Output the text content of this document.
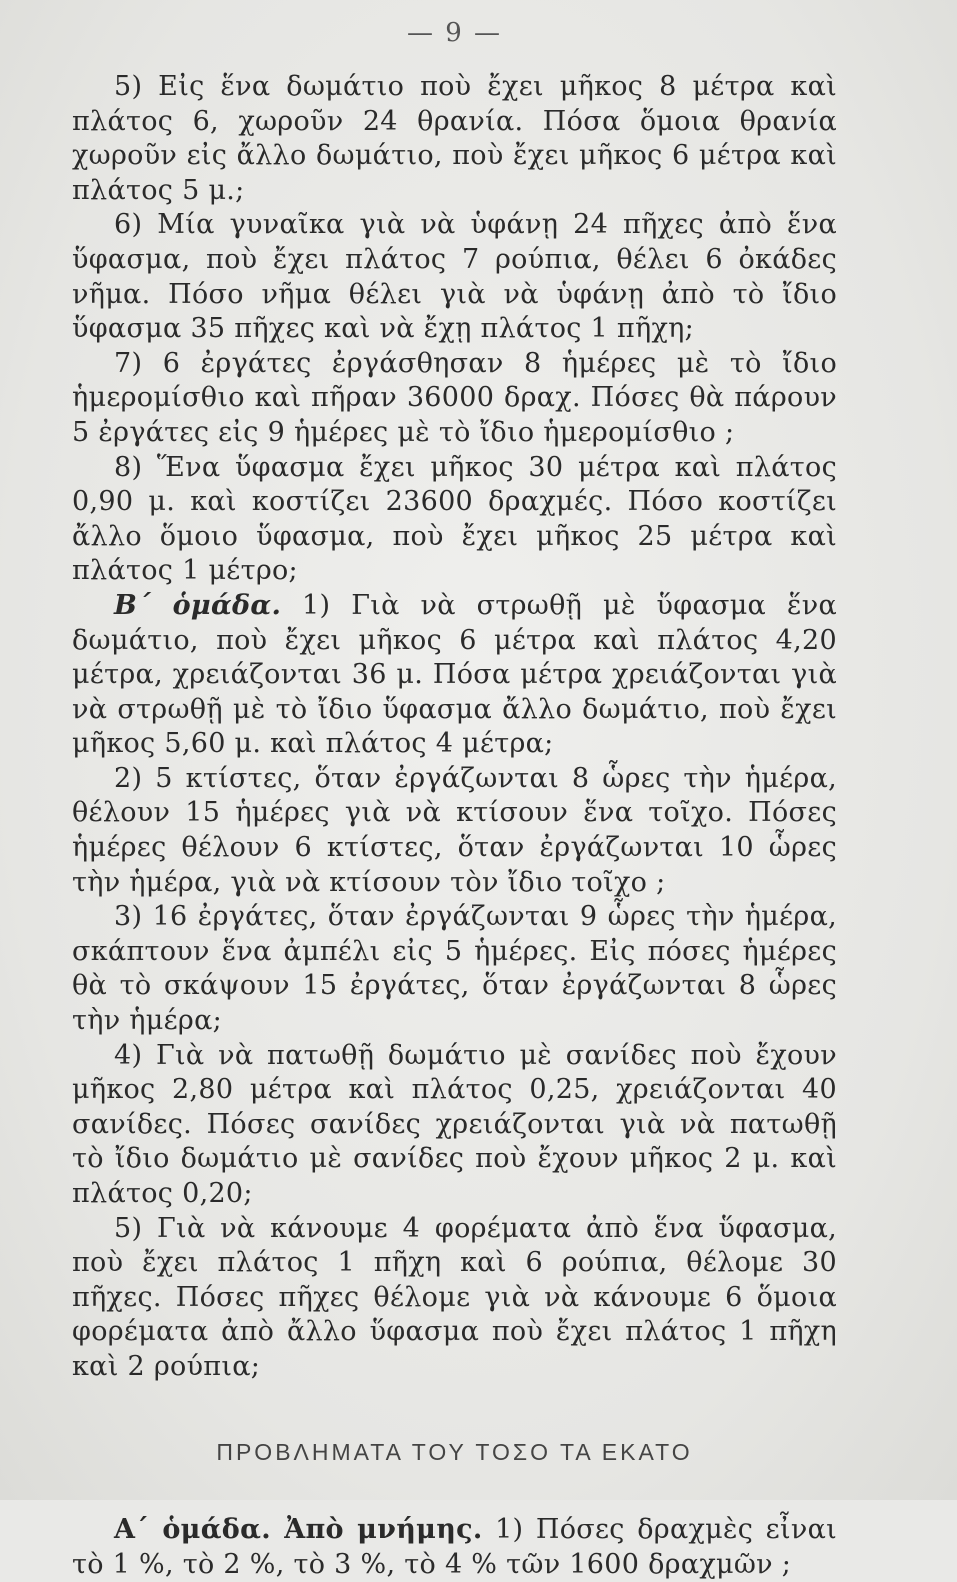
— 9 —

5) Εἰς ἕνα δωμάτιο ποὺ ἔχει μῆκος 8 μέτρα καὶ πλάτος 6, χωροῦν 24 θρανία. Πόσα ὅμοια θρανία χωροῦν εἰς ἄλλο δωμάτιο, ποὺ ἔχει μῆκος 6 μέτρα καὶ πλάτος 5 μ.;

6) Μία γυναῖκα γιὰ νὰ ὑφάνῃ 24 πῆχες ἀπὸ ἕνα ὕφασμα, ποὺ ἔχει πλάτος 7 ρούπια, θέλει 6 ὀκάδες νῆμα. Πόσο νῆμα θέλει γιὰ νὰ ὑφάνῃ ἀπὸ τὸ ἴδιο ὕφασμα 35 πῆχες καὶ νὰ ἔχῃ πλάτος 1 πῆχη;

7) 6 ἐργάτες ἐργάσθησαν 8 ἡμέρες μὲ τὸ ἴδιο ἡμερομίσθιο καὶ πῆραν 36000 δραχ. Πόσες θὰ πάρουν 5 ἐργάτες εἰς 9 ἡμέρες μὲ τὸ ἴδιο ἡμερομίσθιο ;

8) Ἕνα ὕφασμα ἔχει μῆκος 30 μέτρα καὶ πλάτος 0,90 μ. καὶ κοστίζει 23600 δραχμές. Πόσο κοστίζει ἄλλο ὅμοιο ὕφασμα, ποὺ ἔχει μῆκος 25 μέτρα καὶ πλάτος 1 μέτρο;

Β΄ ὁμάδα. 1) Γιὰ νὰ στρωθῇ μὲ ὕφασμα ἕνα δωμάτιο, ποὺ ἔχει μῆκος 6 μέτρα καὶ πλάτος 4,20 μέτρα, χρειάζονται 36 μ. Πόσα μέτρα χρειάζονται γιὰ νὰ στρωθῇ μὲ τὸ ἴδιο ὕφασμα ἄλλο δωμάτιο, ποὺ ἔχει μῆκος 5,60 μ. καὶ πλάτος 4 μέτρα;

2) 5 κτίστες, ὅταν ἐργάζωνται 8 ὧρες τὴν ἡμέρα, θέλουν 15 ἡμέρες γιὰ νὰ κτίσουν ἕνα τοῖχο. Πόσες ἡμέρες θέλουν 6 κτίστες, ὅταν ἐργάζωνται 10 ὧρες τὴν ἡμέρα, γιὰ νὰ κτίσουν τὸν ἴδιο τοῖχο ;

3) 16 ἐργάτες, ὅταν ἐργάζωνται 9 ὧρες τὴν ἡμέρα, σκάπτουν ἕνα ἀμπέλι εἰς 5 ἡμέρες. Εἰς πόσες ἡμέρες θὰ τὸ σκάψουν 15 ἐργάτες, ὅταν ἐργάζωνται 8 ὧρες τὴν ἡμέρα;

4) Γιὰ νὰ πατωθῇ δωμάτιο μὲ σανίδες ποὺ ἔχουν μῆκος 2,80 μέτρα καὶ πλάτος 0,25, χρειάζονται 40 σανίδες. Πόσες σανίδες χρειάζονται γιὰ νὰ πατωθῇ τὸ ἴδιο δωμάτιο μὲ σανίδες ποὺ ἔχουν μῆκος 2 μ. καὶ πλάτος 0,20;

5) Γιὰ νὰ κάνουμε 4 φορέματα ἀπὸ ἕνα ὕφασμα, ποὺ ἔχει πλάτος 1 πῆχη καὶ 6 ρούπια, θέλομε 30 πῆχες. Πόσες πῆχες θέλομε γιὰ νὰ κάνουμε 6 ὅμοια φορέματα ἀπὸ ἄλλο ὕφασμα ποὺ ἔχει πλάτος 1 πῆχη καὶ 2 ρούπια;

ΠΡΟΒΛΗΜΑΤΑ ΤΟΥ ΤΟΣΟ ΤΑ ΕΚΑΤΟ

Α΄ ὁμάδα. Ἀπὸ μνήμης. 1) Πόσες δραχμὲς εἶναι τὸ 1 %, τὸ 2 %, τὸ 3 %, τὸ 4 % τῶν 1600 δραχμῶν ;
